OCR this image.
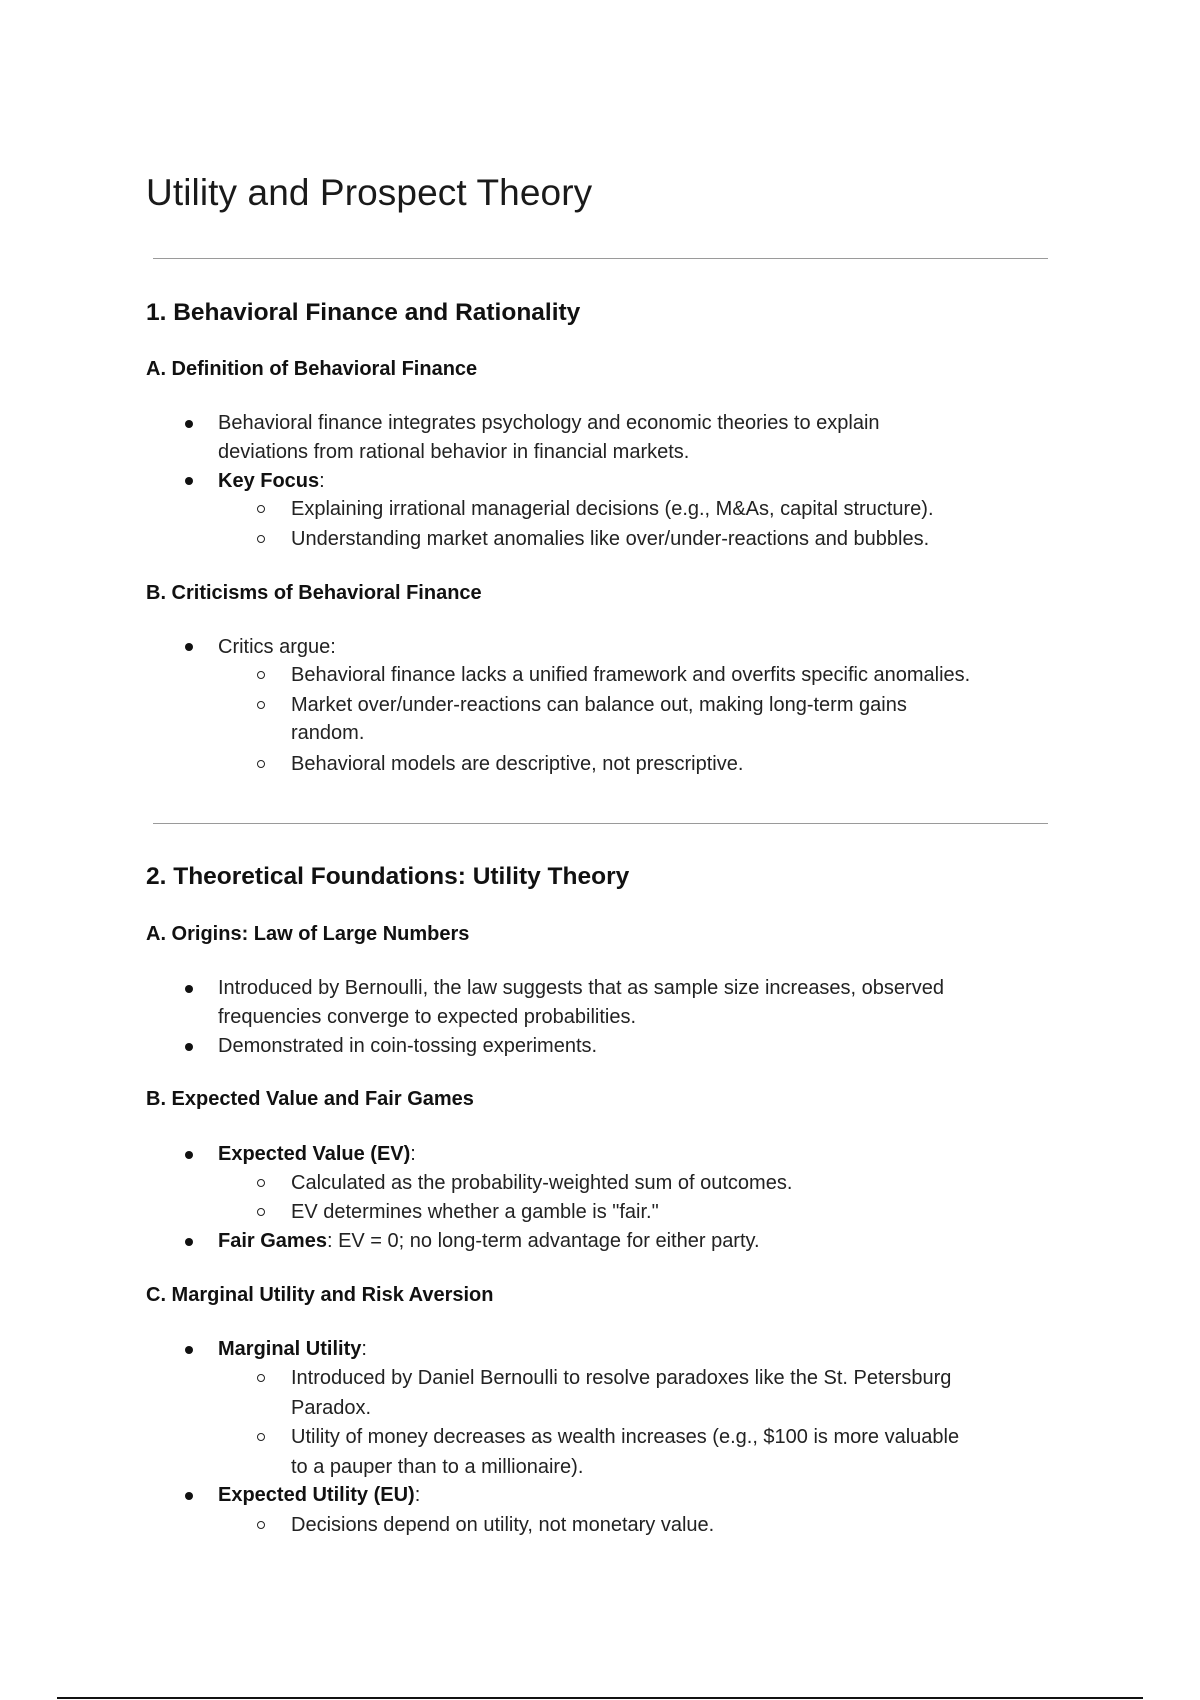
Utility and Prospect Theory
1. Behavioral Finance and Rationality
A. Definition of Behavioral Finance

Behavioral finance integrates psychology and economic theories to explain

deviations from rational behavior in financial markets.

Key Focus:

Explaining irrational managerial decisions (e.g., M&As, capital structure).

Understanding market anomalies like over/under-reactions and bubbles.

B. Criticisms of Behavioral Finance

Critics argue:

Behavioral finance lacks a unified framework and overfits specific anomalies.

Market over/under-reactions can balance out, making long-term gains

random.

Behavioral models are descriptive, not prescriptive.

2. Theoretical Foundations: Utility Theory
A. Origins: Law of Large Numbers

Introduced by Bernoulli, the law suggests that as sample size increases, observed

frequencies converge to expected probabilities.

Demonstrated in coin-tossing experiments.

B. Expected Value and Fair Games

Expected Value (EV):

Calculated as the probability-weighted sum of outcomes.

EV determines whether a gamble is "fair."

Fair Games: EV = 0; no long-term advantage for either party.

C. Marginal Utility and Risk Aversion

Marginal Utility:

Introduced by Daniel Bernoulli to resolve paradoxes like the St. Petersburg

Paradox.

Utility of money decreases as wealth increases (e.g., $100 is more valuable

to a pauper than to a millionaire).

Expected Utility (EU):

Decisions depend on utility, not monetary value.
